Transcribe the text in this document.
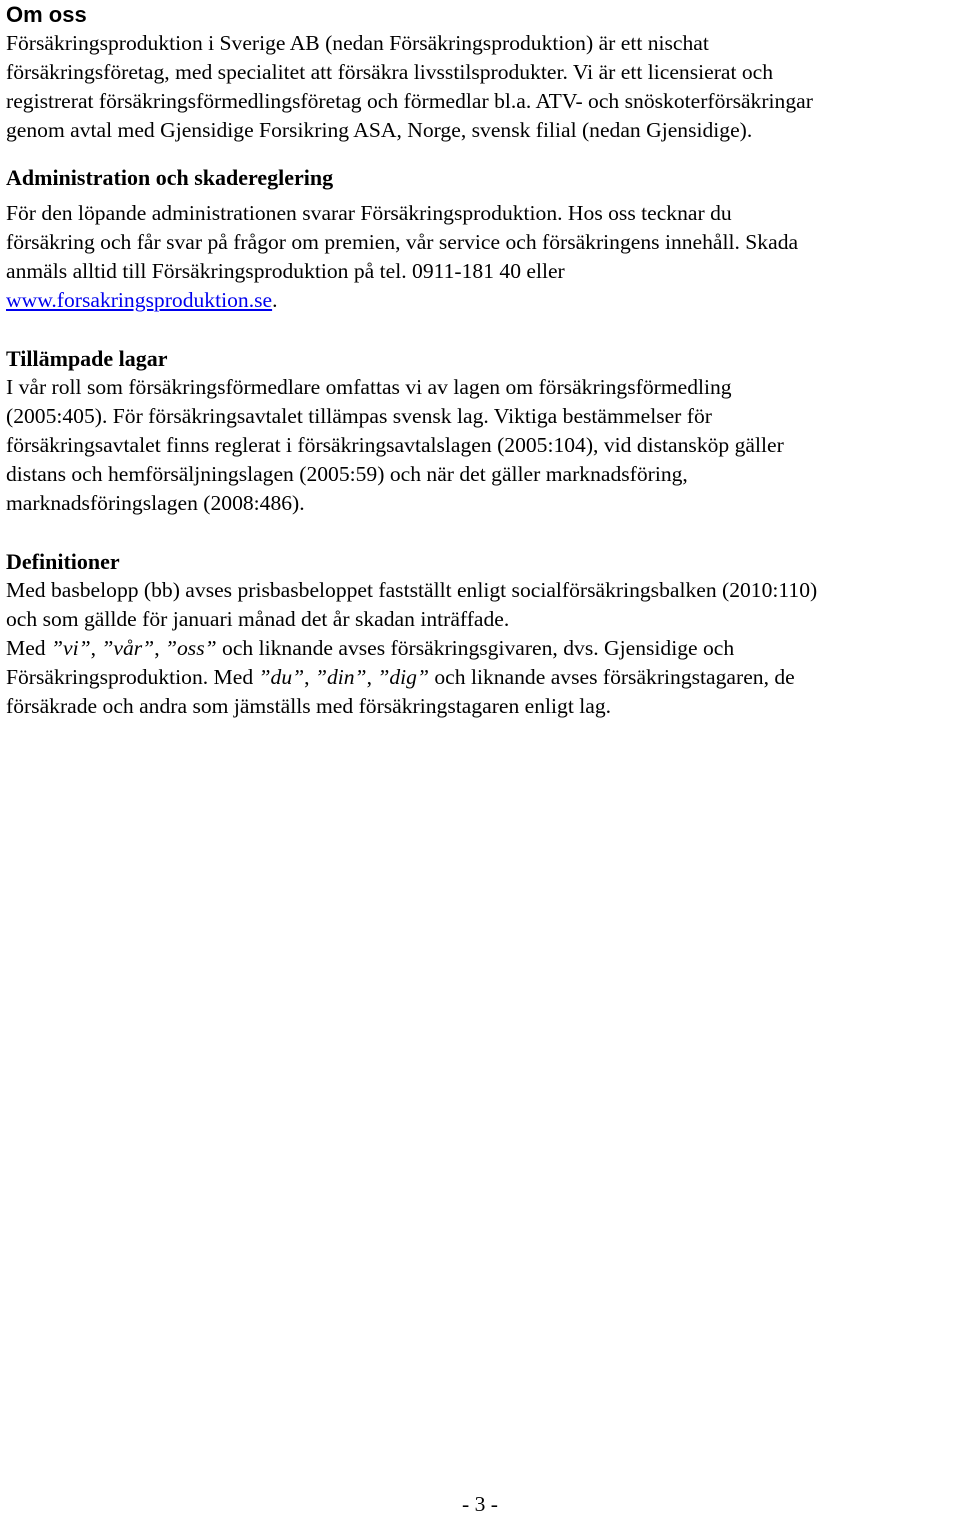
Om oss

Försäkringsproduktion i Sverige AB (nedan Försäkringsproduktion) är ett nischat
försäkringsföretag, med specialitet att försäkra livsstilsprodukter. Vi är ett licensierat och
registrerat försäkringsförmedlingsföretag och förmedlar bl.a. ATV- och snöskoterförsäkringar
genom avtal med Gjensidige Forsikring ASA, Norge, svensk filial (nedan Gjensidige).

Administration och skadereglering

För den löpande administrationen svarar Försäkringsproduktion. Hos oss tecknar du
försäkring och får svar på frågor om premien, vår service och försäkringens innehåll. Skada
anmäls alltid till Försäkringsproduktion på tel. 0911-181 40 eller
www.forsakringsproduktion.se.

Tillämpade lagar

I vår roll som försäkringsförmedlare omfattas vi av lagen om försäkringsförmedling
(2005:405). För försäkringsavtalet tillämpas svensk lag. Viktiga bestämmelser för
försäkringsavtalet finns reglerat i försäkringsavtalslagen (2005:104), vid distansköp gäller
distans och hemförsäljningslagen (2005:59) och när det gäller marknadsföring,
marknadsföringslagen (2008:486).

Definitioner

Med basbelopp (bb) avses prisbasbeloppet fastställt enligt socialförsäkringsbalken (2010:110)
och som gällde för januari månad det år skadan inträffade.
Med ”vi”, ”vår”, ”oss” och liknande avses försäkringsgivaren, dvs. Gjensidige och
Försäkringsproduktion. Med ”du”, ”din”, ”dig” och liknande avses försäkringstagaren, de
försäkrade och andra som jämställs med försäkringstagaren enligt lag.

- 3 -
